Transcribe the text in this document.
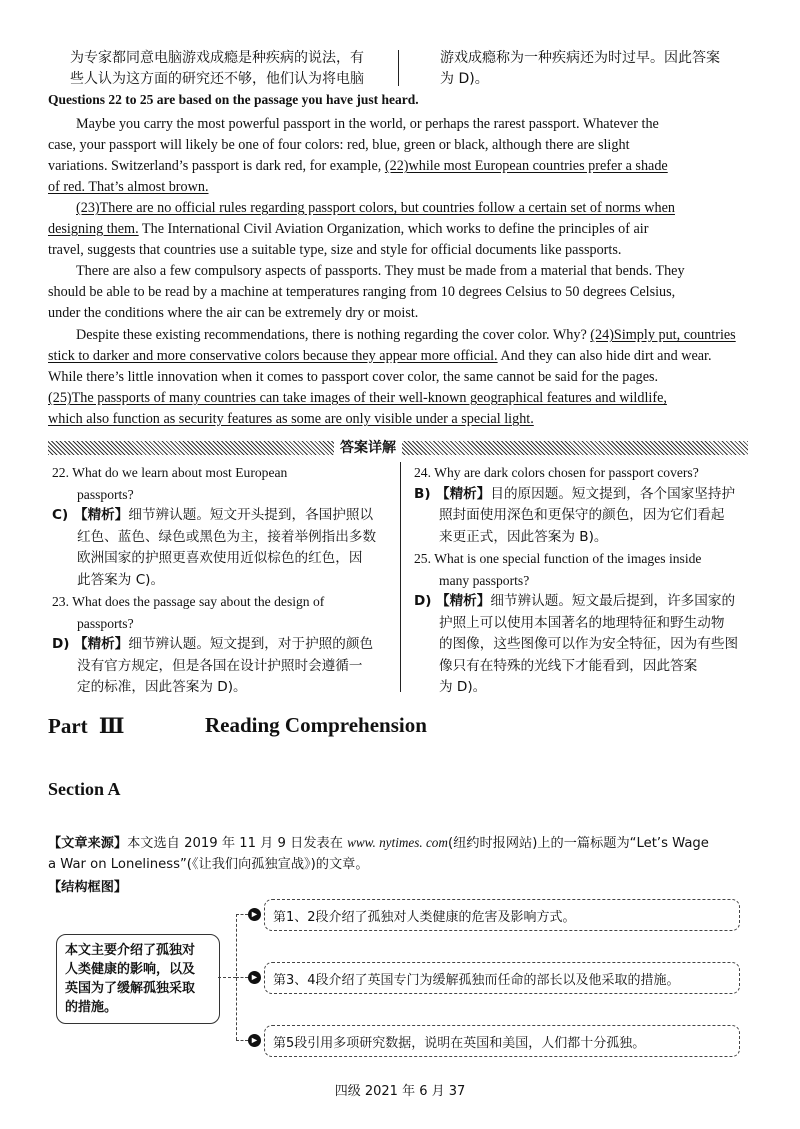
为专家都同意电脑游戏成瘾是种疾病的说法，有
些人认为这方面的研究还不够，他们认为将电脑
游戏成瘾称为一种疾病还为时过早。因此答案
为 D)。
Questions 22 to 25 are based on the passage you have just heard.
Maybe you carry the most powerful passport in the world, or perhaps the rarest passport. Whatever the
case, your passport will likely be one of four colors: red, blue, green or black, although there are slight
variations. Switzerland’s passport is dark red, for example, (22)while most European countries prefer a shade
of red. That’s almost brown.
(23)There are no official rules regarding passport colors, but countries follow a certain set of norms when
designing them. The International Civil Aviation Organization, which works to define the principles of air
travel, suggests that countries use a suitable type, size and style for official documents like passports.
There are also a few compulsory aspects of passports. They must be made from a material that bends. They
should be able to be read by a machine at temperatures ranging from 10 degrees Celsius to 50 degrees Celsius,
under the conditions where the air can be extremely dry or moist.
Despite these existing recommendations, there is nothing regarding the cover color. Why? (24)Simply put, countries
stick to darker and more conservative colors because they appear more official. And they can also hide dirt and wear.
While there’s little innovation when it comes to passport cover color, the same cannot be said for the pages.
(25)The passports of many countries can take images of their well-known geographical features and wildlife,
which also function as security features as some are only visible under a special light.
答案详解
22. What do we learn about most European
passports?
C) 【精析】细节辨认题。短文开头提到，各国护照以
红色、蓝色、绿色或黑色为主，接着举例指出多数
欧洲国家的护照更喜欢使用近似棕色的红色，因
此答案为 C)。
23. What does the passage say about the design of
passports?
D) 【精析】细节辨认题。短文提到，对于护照的颜色
没有官方规定，但是各国在设计护照时会遵循一
定的标准，因此答案为 D)。
24. Why are dark colors chosen for passport covers?
B) 【精析】目的原因题。短文提到，各个国家坚持护
照封面使用深色和更保守的颜色，因为它们看起
来更正式，因此答案为 B)。
25. What is one special function of the images inside
many passports?
D) 【精析】细节辨认题。短文最后提到，许多国家的
护照上可以使用本国著名的地理特征和野生动物
的图像，这些图像可以作为安全特征，因为有些图
像只有在特殊的光线下才能看到，因此答案
为 D)。
Part Ⅲ	Reading Comprehension
Section A
【文章来源】本文选自 2019 年 11 月 9 日发表在 www. nytimes. com(纽约时报网站)上的一篇标题为“Let’s Wage
a War on Loneliness”(《让我们向孤独宣战》)的文章。
【结构框图】
本文主要介绍了孤独对
人类健康的影响，以及
英国为了缓解孤独采取
的措施。
►
►
►
第1、2段介绍了孤独对人类健康的危害及影响方式。
第3、4段介绍了英国专门为缓解孤独而任命的部长以及他采取的措施。
第5段引用多项研究数据，说明在英国和美国，人们都十分孤独。
四级 2021 年 6 月 37
